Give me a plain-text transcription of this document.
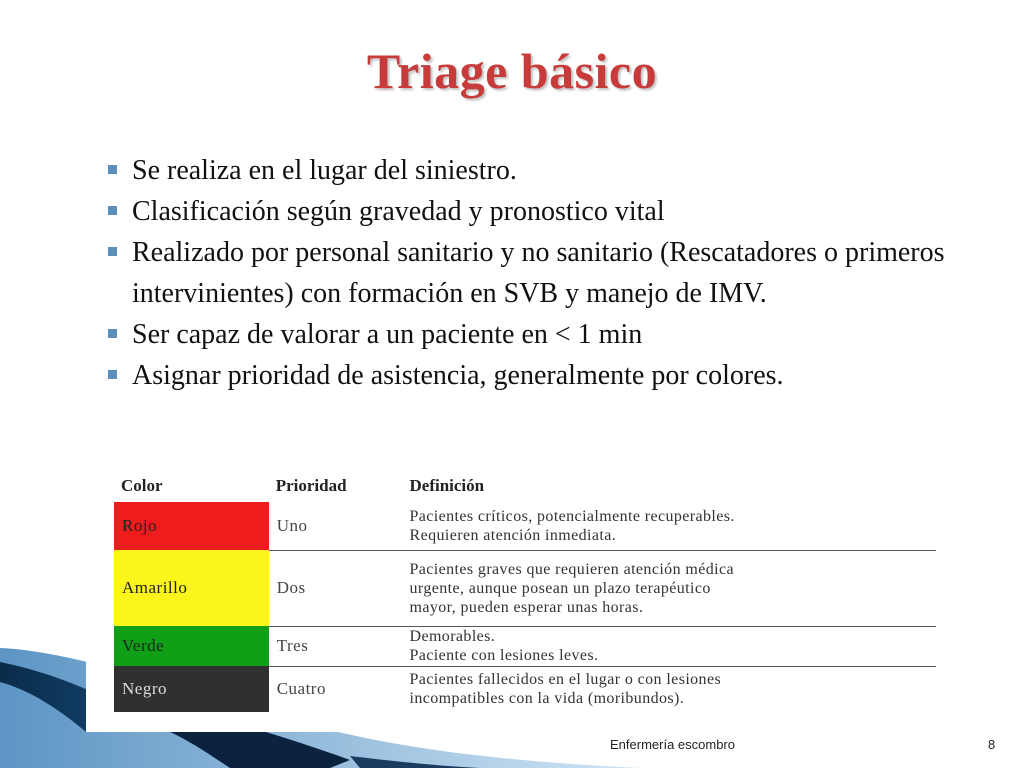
Triage básico
Se realiza en el lugar del siniestro.
Clasificación según gravedad y pronostico vital
Realizado por personal sanitario y no sanitario (Rescatadores o primeros intervinientes) con formación en SVB y manejo de IMV.
Ser capaz de valorar a un paciente en < 1 min
Asignar prioridad de asistencia, generalmente por colores.
Color	Prioridad	Definición
Rojo	Uno	Pacientes críticos, potencialmente recuperables.
Requieren atención inmediata.

Amarillo	Dos	Pacientes graves que requieren atención médica
urgente, aunque posean un plazo terapéutico
mayor, pueden esperar unas horas.

Verde	Tres	Demorables.
Paciente con lesiones leves.

Negro	Cuatro	Pacientes fallecidos en el lugar o con lesiones
incompatibles con la vida (moribundos).
Enfermería escombro	8
